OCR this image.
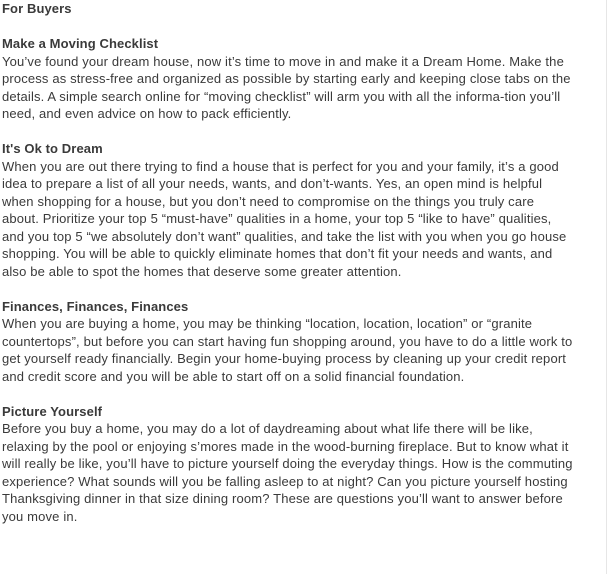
For Buyers
Make a Moving Checklist

You’ve found your dream house, now it’s time to move in and make it a Dream Home. Make the process as stress-free and organized as possible by starting early and keeping close tabs on the details. A simple search online for “moving checklist” will arm you with all the informa-tion you’ll need, and even advice on how to pack efficiently.

It's Ok to Dream

When you are out there trying to find a house that is perfect for you and your family, it’s a good idea to prepare a list of all your needs, wants, and don’t-wants. Yes, an open mind is helpful when shopping for a house, but you don’t need to compromise on the things you truly care about. Prioritize your top 5 “must-have” qualities in a home, your top 5 “like to have” qualities, and you top 5 “we absolutely don’t want” qualities, and take the list with you when you go house shopping. You will be able to quickly eliminate homes that don’t fit your needs and wants, and also be able to spot the homes that deserve some greater attention.

Finances, Finances, Finances

When you are buying a home, you may be thinking “location, location, location” or “granite countertops”, but before you can start having fun shopping around, you have to do a little work to get yourself ready financially. Begin your home-buying process by cleaning up your credit report and credit score and you will be able to start off on a solid financial foundation.

Picture Yourself

Before you buy a home, you may do a lot of daydreaming about what life there will be like, relaxing by the pool or enjoying s’mores made in the wood-burning fireplace. But to know what it will really be like, you’ll have to picture yourself doing the everyday things. How is the commuting experience? What sounds will you be falling asleep to at night? Can you picture yourself hosting Thanksgiving dinner in that size dining room? These are questions you’ll want to answer before you move in.
